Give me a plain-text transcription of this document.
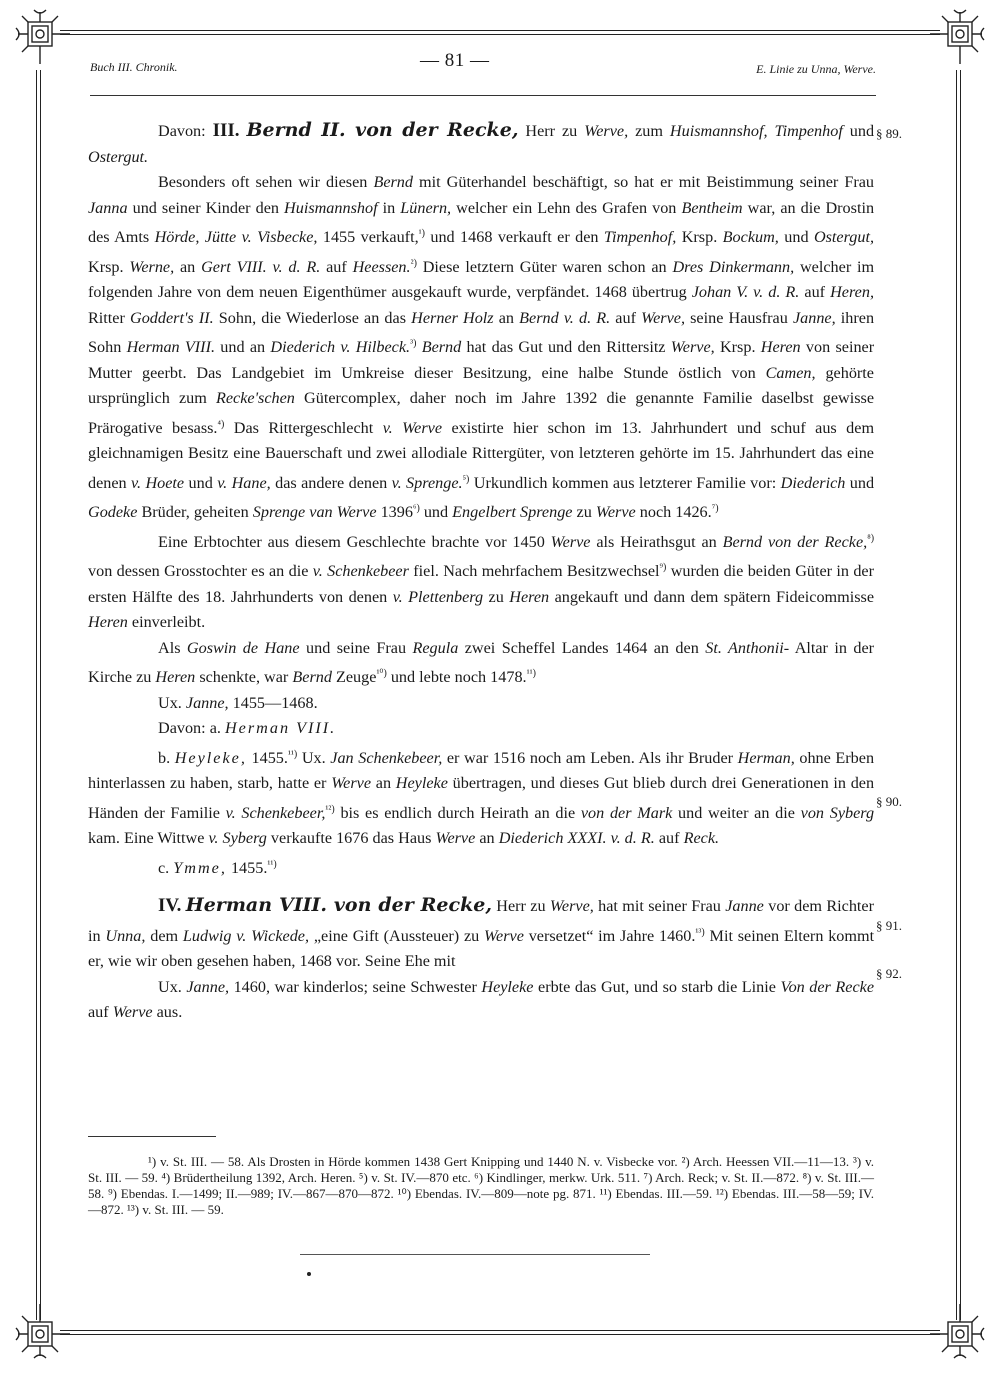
Buch III. Chronik.	— 81 —	E. Linie zu Unna, Werve.
§ 89.
§ 90.
§ 91.
§ 92.

Davon: III. Bernd II. von der Recke, Herr zu Werve, zum Huismannshof, Timpenhof und Ostergut.

Besonders oft sehen wir diesen Bernd mit Güterhandel beschäftigt, so hat er mit Beistimmung seiner Frau Janna und seiner Kinder den Huismannshof in Lünern, welcher ein Lehn des Grafen von Bentheim war, an die Drostin des Amts Hörde, Jütte v. Visbecke, 1455 verkauft,$^{^1)}$ und 1468 verkauft er den Timpenhof, Krsp. Bockum, und Ostergut, Krsp. Werne, an Gert VIII. v. d. R. auf Heessen.$^{^2)}$ Diese letztern Güter waren schon an Dres Dinkermann, welcher im folgenden Jahre von dem neuen Eigenthümer ausgekauft wurde, verpfändet. 1468 übertrug Johan V. v. d. R. auf Heren, Ritter Goddert's II. Sohn, die Wiederlose an das Herner Holz an Bernd v. d. R. auf Werve, seine Hausfrau Janne, ihren Sohn Herman VIII. und an Diederich v. Hilbeck.$^{^3)}$ Bernd hat das Gut und den Rittersitz Werve, Krsp. Heren von seiner Mutter geerbt. Das Landgebiet im Umkreise dieser Besitzung, eine halbe Stunde östlich von Camen, gehörte ursprünglich zum Recke'schen Gütercomplex, daher noch im Jahre 1392 die genannte Familie daselbst gewisse Prärogative besass.$^{^4)}$ Das Rittergeschlecht v. Werve existirte hier schon im 13. Jahrhundert und schuf aus dem gleichnamigen Besitz eine Bauerschaft und zwei allodiale Rittergüter, von letzteren gehörte im 15. Jahrhundert das eine denen v. Hoete und v. Hane, das andere denen v. Sprenge.$^{^5)}$ Urkundlich kommen aus letzterer Familie vor: Diederich und Godeke Brüder, geheiten Sprenge van Werve $1396^{^6)}$ und Engelbert Sprenge zu Werve noch 1426.$^{^7)}$

Eine Erbtochter aus diesem Geschlechte brachte vor 1450 Werve als Heirathsgut an Bernd von der Recke,$^{^8)}$ von dessen Grosstochter es an die v. Schenkebeer fiel. Nach mehrfachem Besitzwechsel$^{^9)}$ wurden die beiden Güter in der ersten Hälfte des 18. Jahrhunderts von denen v. Plettenberg zu Heren angekauft und dann dem spätern Fideicommisse Heren einverleibt.

Als Goswin de Hane und seine Frau Regula zwei Scheffel Landes 1464 an den St. Anthonii- Altar in der Kirche zu Heren schenkte, war Bernd Zeuge$^{^{10})}$ und lebte noch 1478.$^{^{11})}$

Ux. Janne, 1455—1468.

Davon: a. Herman VIII.

b. Heyleke, 1455.$^{^{11})}$ Ux. Jan Schenkebeer, er war 1516 noch am Leben. Als ihr Bruder Herman, ohne Erben hinterlassen zu haben, starb, hatte er Werve an Heyleke übertragen, und dieses Gut blieb durch drei Generationen in den Händen der Familie v. Schenkebeer,$^{^{12})}$ bis es endlich durch Heirath an die von der Mark und weiter an die von Syberg kam. Eine Wittwe v. Syberg verkaufte 1676 das Haus Werve an Diederich XXXI. v. d. R. auf Reck.

c. Ymme, 1455.$^{^{11})}$

IV. Herman VIII. von der Recke, Herr zu Werve, hat mit seiner Frau Janne vor dem Richter in Unna, dem Ludwig v. Wickede, „eine Gift (Aussteuer) zu Werve versetzet“ im Jahre 1460.$^{^{13})}$ Mit seinen Eltern kommt er, wie wir oben gesehen haben, 1468 vor. Seine Ehe mit

Ux. Janne, 1460, war kinderlos; seine Schwester Heyleke erbte das Gut, und so starb die Linie Von der Recke auf Werve aus.

¹) v. St. III. — 58. Als Drosten in Hörde kommen 1438 Gert Knipping und 1440 N. v. Visbecke vor. ²) Arch. Heessen VII.—11—13. ³) v. St. III. — 59. ⁴) Brüdertheilung 1392, Arch. Heren. ⁵) v. St. IV.—870 etc. ⁶) Kindlinger, merkw. Urk. 511. ⁷) Arch. Reck; v. St. II.—872. ⁸) v. St. III.—58. ⁹) Ebendas. I.—1499; II.—989; IV.—867—870—872. ¹⁰) Ebendas. IV.—809—note pg. 871. ¹¹) Ebendas. III.—59. ¹²) Ebendas. III.—58—59; IV.—872. ¹³) v. St. III. — 59.
